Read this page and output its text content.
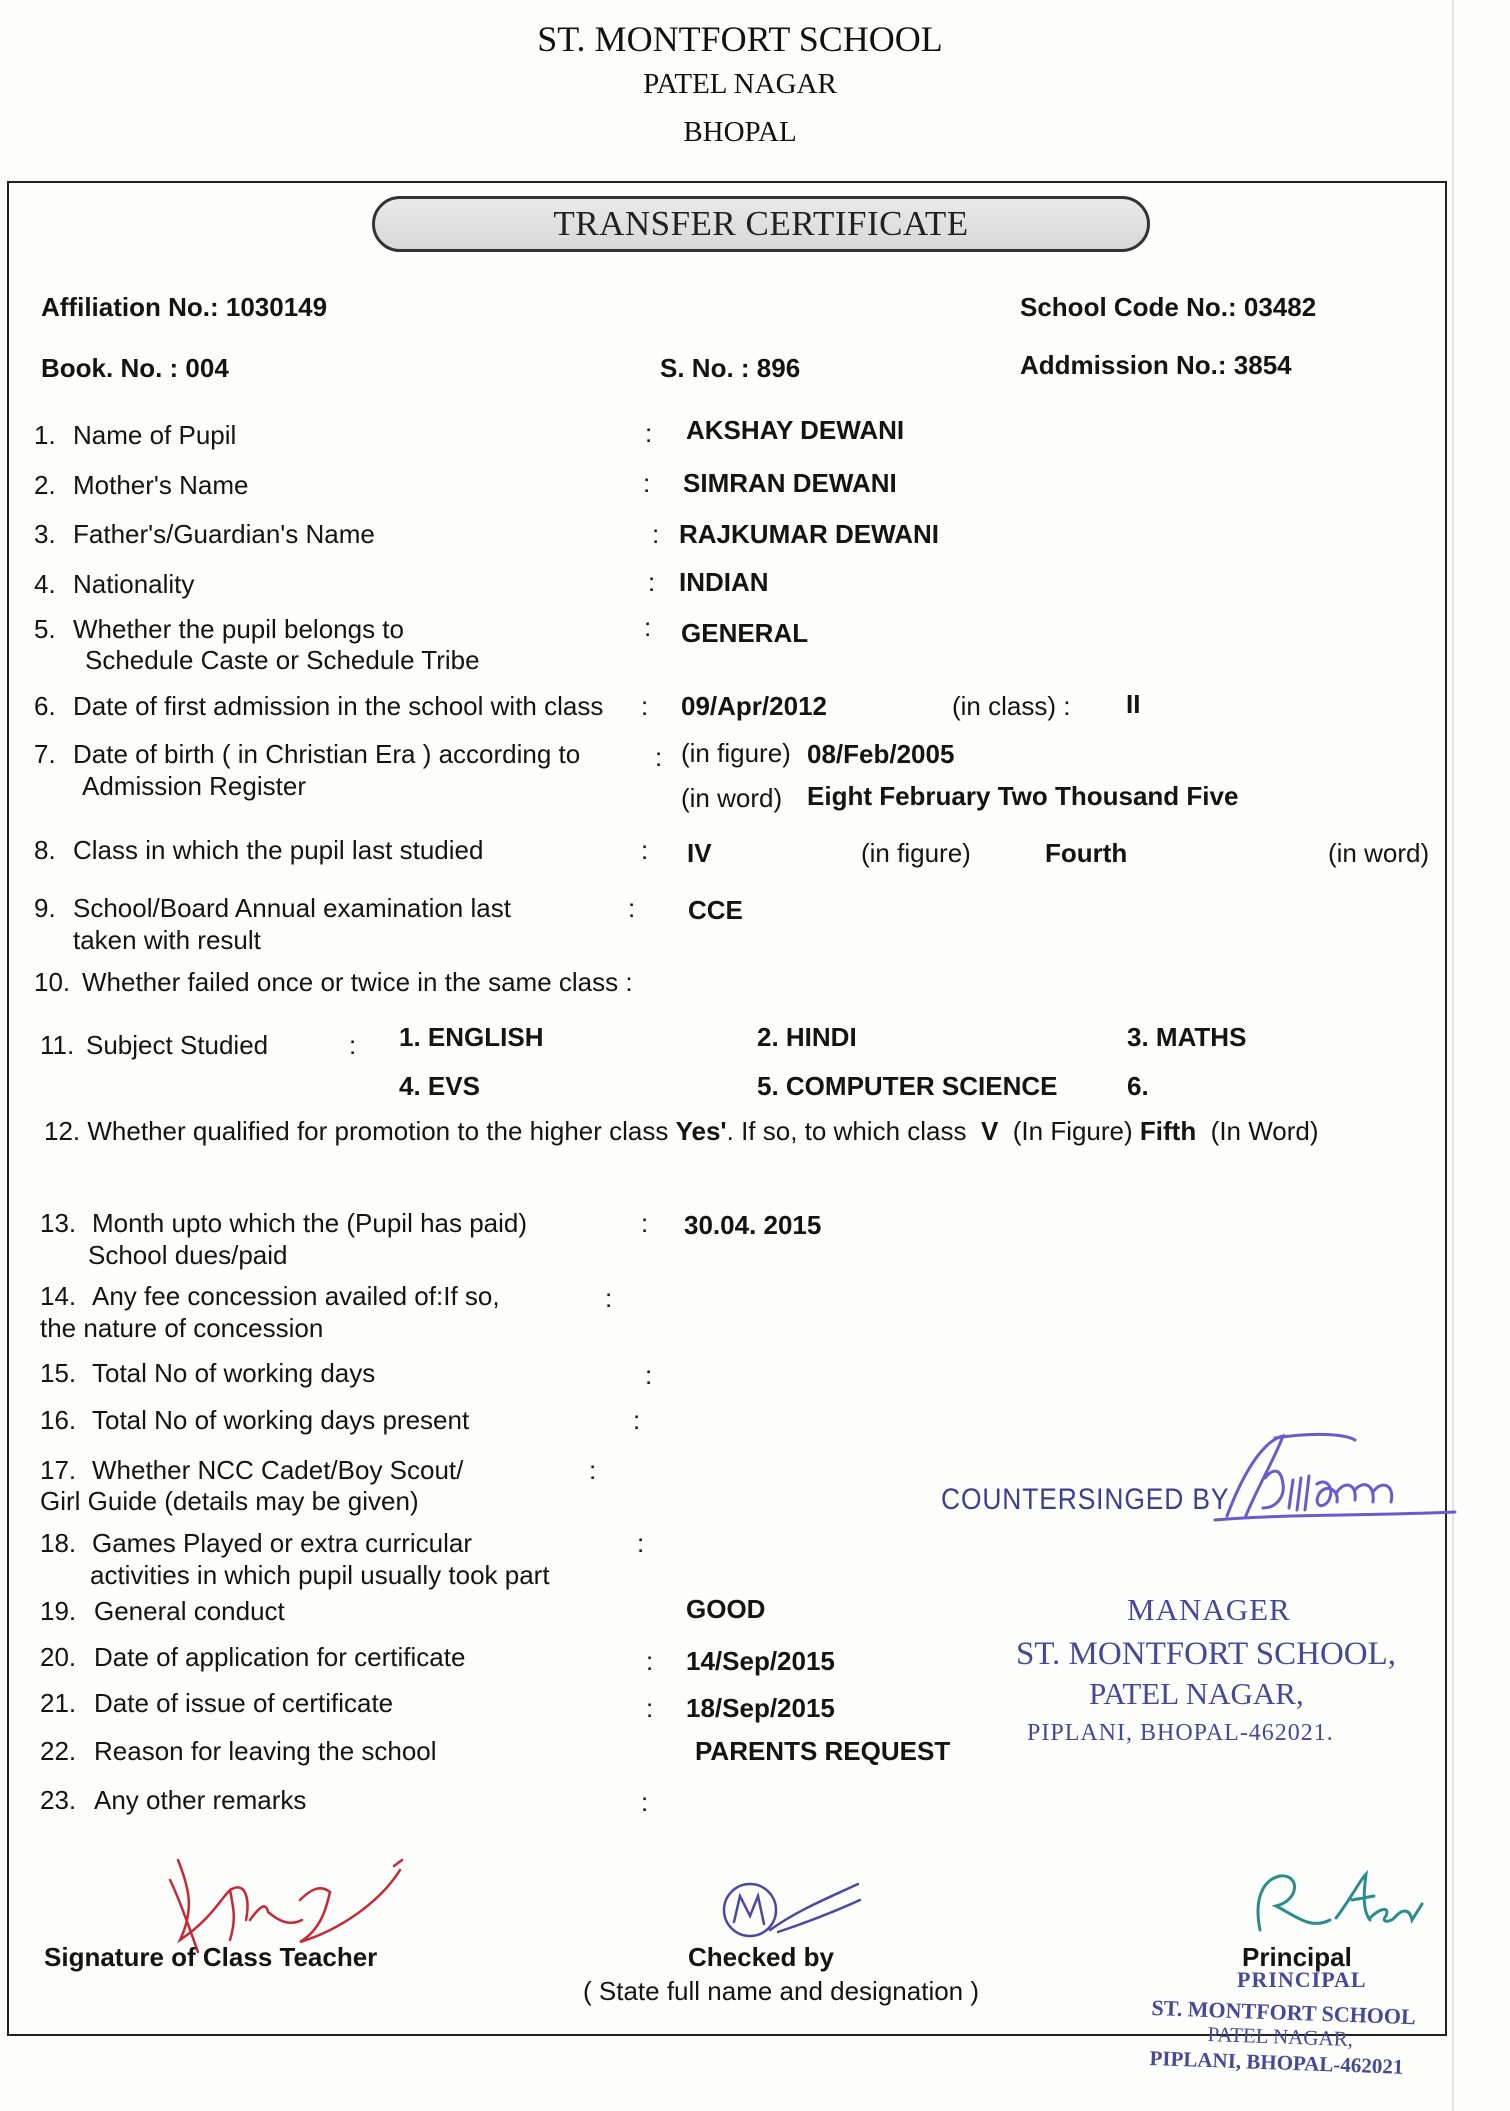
ST. MONTFORT SCHOOL
PATEL NAGAR
BHOPAL
TRANSFER CERTIFICATE
Affiliation No.: 1030149	School Code No.: 03482
Book. No. : 004	S. No. : 896	Addmission No.: 3854
1. Name of Pupil	: AKSHAY DEWANI
2. Mother's Name	: SIMRAN DEWANI
3. Father's/Guardian's Name	: RAJKUMAR DEWANI
4. Nationality	: INDIAN
5. Whether the pupil belongs to
Schedule Caste or Schedule Tribe
: GENERAL
6. Date of first admission in the school with class : 09/Apr/2012	(in class) : II
7. Date of birth ( in Christian Era ) according to
Admission Register
: (in figure) 08/Feb/2005
(in word) Eight February Two Thousand Five
8. Class in which the pupil last studied	: IV	(in figure)	Fourth	(in word)
9. School/Board Annual examination last
taken with result
: CCE
10. Whether failed once or twice in the same class :
11. Subject Studied	: 1. ENGLISH	2. HINDI	3. MATHS
4. EVS	5. COMPUTER SCIENCE	6.
12. Whether qualified for promotion to the higher class Yes'. If so, to which class V (In Figure) Fifth (In Word)
13. Month upto which the (Pupil has paid)
School dues/paid
: 30.04. 2015
14. Any fee concession availed of:If so,
the nature of concession
:
15. Total No of working days	:
16. Total No of working days present	:
17. Whether NCC Cadet/Boy Scout/
Girl Guide (details may be given)
:
18. Games Played or extra curricular
activities in which pupil usually took part
:
19. General conduct	GOOD
20. Date of application for certificate	: 14/Sep/2015
21. Date of issue of certificate	: 18/Sep/2015
22. Reason for leaving the school	PARENTS REQUEST
23. Any other remarks	:
COUNTERSINGED BY
MANAGER
ST. MONTFORT SCHOOL,
PATEL NAGAR,
PIPLANI, BHOPAL-462021.
Signature of Class Teacher	Checked by
( State full name and designation )
Principal
PRINCIPAL
ST. MONTFORT SCHOOL
PATEL NAGAR,
PIPLANI, BHOPAL-462021
